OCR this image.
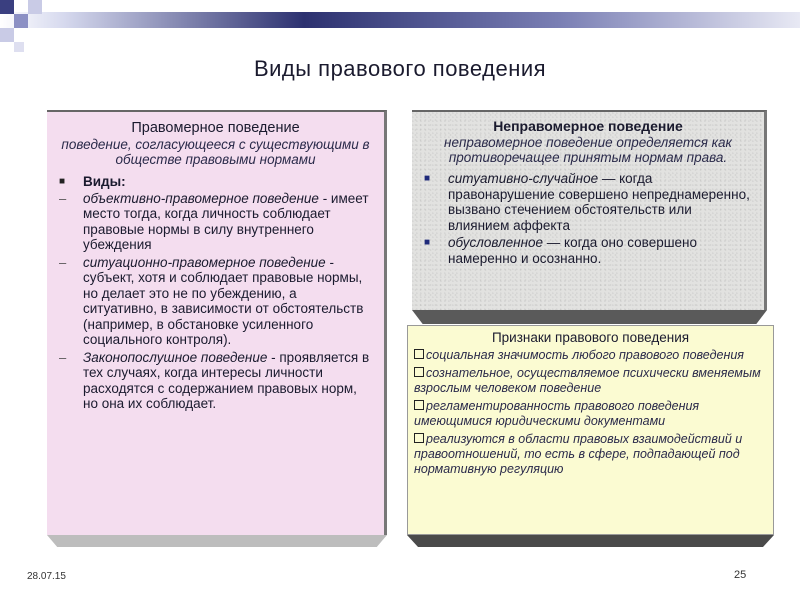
Виды правового поведения
Правомерное поведение
поведение, согласующееся с существующими в обществе правовыми нормами
■	Виды:
–	объективно-правомерное поведение - имеет место тогда, когда личность соблюдает правовые нормы в силу внутреннего убеждения
–	ситуационно-правомерное поведение - субъект, хотя и соблюдает правовые нормы, но делает это не по убеждению, а ситуативно, в зависимости от обстоятельств (например, в обстановке усиленного социального контроля).
–	Законопослушное поведение - проявляется в тех случаях, когда интересы личности расходятся с содержанием правовых норм, но она их соблюдает.
Неправомерное поведение
неправомерное поведение определяется как противоречащее принятым нормам права.
■	ситуативно-случайное — когда правонарушение совершено непреднамеренно, вызвано стечением обстоятельств или влиянием аффекта
■	обусловленное — когда оно совершено намеренно и осознанно.
Признаки правового поведения
социальная значимость любого правового поведения
сознательное, осуществляемое психически вменяемым взрослым человеком поведение
регламентированность правового поведения имеющимися юридическими документами
реализуются в области правовых взаимодействий и правоотношений, то есть в сфере, подпадающей под нормативную регуляцию
28.07.15	25
